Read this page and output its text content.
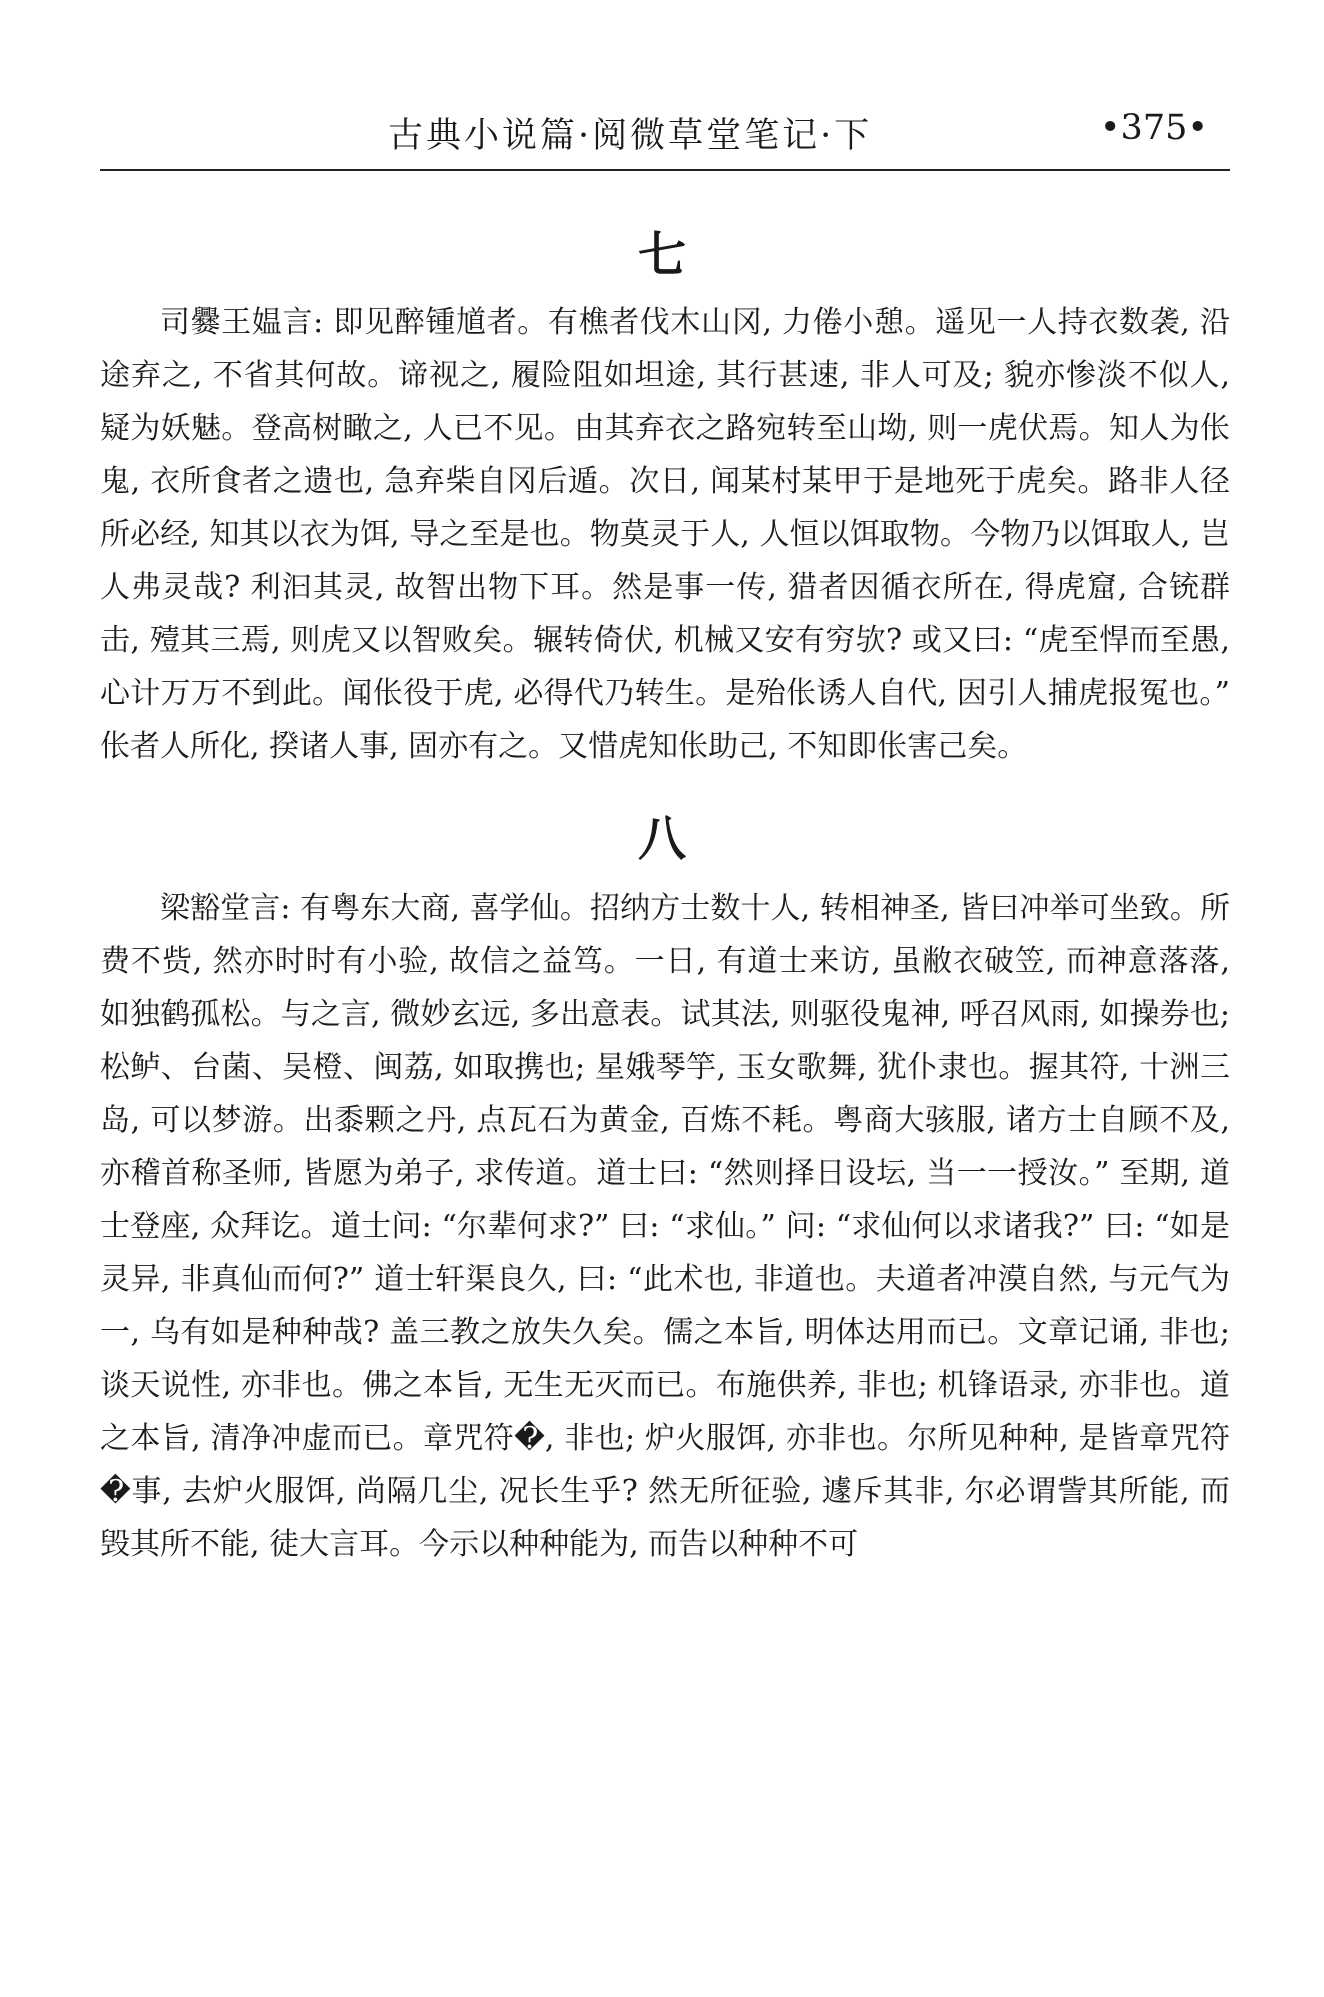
古典小说篇·阅微草堂笔记·下	•375•
七

司爨王媪言: 即见醉锺馗者。有樵者伐木山冈, 力倦小憩。遥见一人持衣数袭, 沿途弃之, 不省其何故。谛视之, 履险阻如坦途, 其行甚速, 非人可及; 貌亦惨淡不似人, 疑为妖魅。登高树瞰之, 人已不见。由其弃衣之路宛转至山坳, 则一虎伏焉。知人为伥鬼, 衣所食者之遗也, 急弃柴自冈后遁。次日, 闻某村某甲于是地死于虎矣。路非人径所必经, 知其以衣为饵, 导之至是也。物莫灵于人, 人恒以饵取物。今物乃以饵取人, 岂人弗灵哉? 利汩其灵, 故智出物下耳。然是事一传, 猎者因循衣所在, 得虎窟, 合铳群击, 殪其三焉, 则虎又以智败矣。辗转倚伏, 机械又安有穷欤? 或又曰: “虎至悍而至愚, 心计万万不到此。闻伥役于虎, 必得代乃转生。是殆伥诱人自代, 因引人捕虎报冤也。” 伥者人所化, 揆诸人事, 固亦有之。又惜虎知伥助己, 不知即伥害己矣。

八

梁豁堂言: 有粤东大商, 喜学仙。招纳方士数十人, 转相神圣, 皆曰冲举可坐致。所费不赀, 然亦时时有小验, 故信之益笃。一日, 有道士来访, 虽敝衣破笠, 而神意落落, 如独鹤孤松。与之言, 微妙玄远, 多出意表。试其法, 则驱役鬼神, 呼召风雨, 如操券也; 松鲈、台菌、吴橙、闽荔, 如取携也; 星娥琴竽, 玉女歌舞, 犹仆隶也。握其符, 十洲三岛, 可以梦游。出黍颗之丹, 点瓦石为黄金, 百炼不耗。粤商大骇服, 诸方士自顾不及, 亦稽首称圣师, 皆愿为弟子, 求传道。道士曰: “然则择日设坛, 当一一授汝。” 至期, 道士登座, 众拜讫。道士问: “尔辈何求?” 曰: “求仙。” 问: “求仙何以求诸我?” 曰: “如是灵异, 非真仙而何?” 道士轩渠良久, 曰: “此术也, 非道也。夫道者冲漠自然, 与元气为一, 乌有如是种种哉? 盖三教之放失久矣。儒之本旨, 明体达用而已。文章记诵, 非也; 谈天说性, 亦非也。佛之本旨, 无生无灭而已。布施供养, 非也; 机锋语录, 亦非也。道之本旨, 清净冲虚而已。章咒符�, 非也; 炉火服饵, 亦非也。尔所见种种, 是皆章咒符�事, 去炉火服饵, 尚隔几尘, 况长生乎? 然无所征验, 遽斥其非, 尔必谓訾其所能, 而毁其所不能, 徒大言耳。今示以种种能为, 而告以种种不可
